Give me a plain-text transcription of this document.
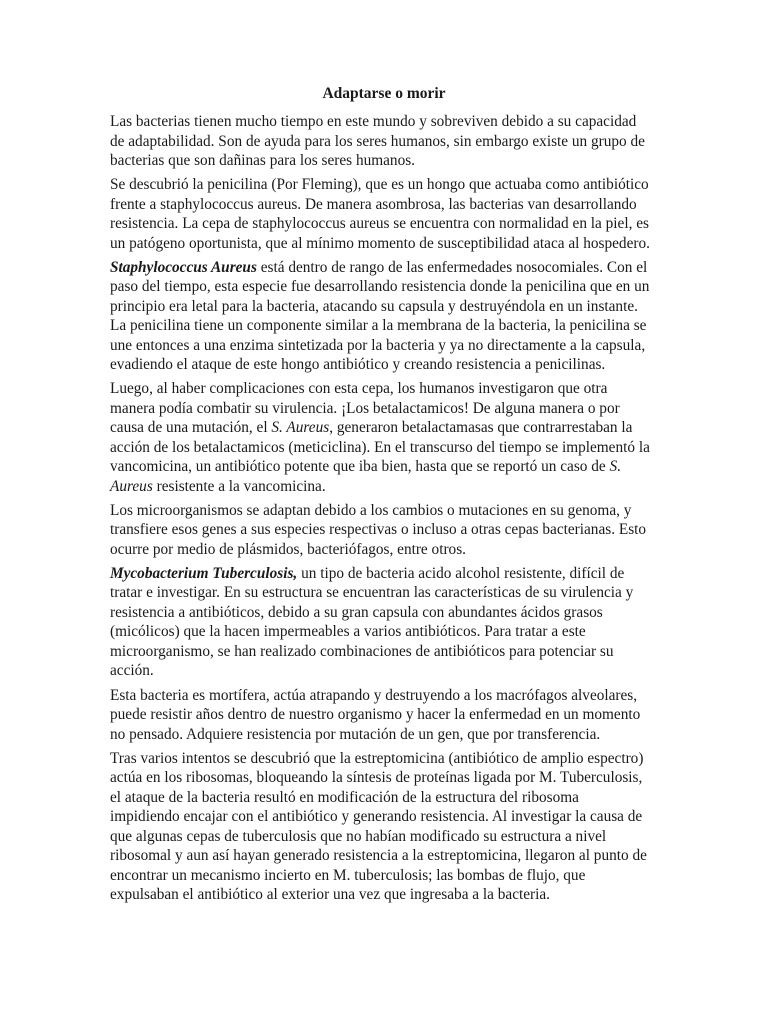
Adaptarse o morir
Las bacterias tienen mucho tiempo en este mundo y sobreviven debido a su capacidad
de adaptabilidad. Son de ayuda para los seres humanos, sin embargo existe un grupo de
bacterias que son dañinas para los seres humanos.
Se descubrió la penicilina (Por Fleming), que es un hongo que actuaba como antibiótico
frente a staphylococcus aureus. De manera asombrosa, las bacterias van desarrollando
resistencia. La cepa de staphylococcus aureus se encuentra con normalidad en la piel, es
un patógeno oportunista, que al mínimo momento de susceptibilidad ataca al hospedero.
Staphylococcus Aureus está dentro de rango de las enfermedades nosocomiales. Con el
paso del tiempo, esta especie fue desarrollando resistencia donde la penicilina que en un
principio era letal para la bacteria, atacando su capsula y destruyéndola en un instante.
La penicilina tiene un componente similar a la membrana de la bacteria, la penicilina se
une entonces a una enzima sintetizada por la bacteria y ya no directamente a la capsula,
evadiendo el ataque de este hongo antibiótico y creando resistencia a penicilinas.
Luego, al haber complicaciones con esta cepa, los humanos investigaron que otra
manera podía combatir su virulencia. ¡Los betalactamicos! De alguna manera o por
causa de una mutación, el S. Aureus, generaron betalactamasas que contrarrestaban la
acción de los betalactamicos (meticiclina). En el transcurso del tiempo se implementó la
vancomicina, un antibiótico potente que iba bien, hasta que se reportó un caso de S.
Aureus resistente a la vancomicina.
Los microorganismos se adaptan debido a los cambios o mutaciones en su genoma, y
transfiere esos genes a sus especies respectivas o incluso a otras cepas bacterianas. Esto
ocurre por medio de plásmidos, bacteriófagos, entre otros.
Mycobacterium Tuberculosis, un tipo de bacteria acido alcohol resistente, difícil de
tratar e investigar. En su estructura se encuentran las características de su virulencia y
resistencia a antibióticos, debido a su gran capsula con abundantes ácidos grasos
(micólicos) que la hacen impermeables a varios antibióticos. Para tratar a este
microorganismo, se han realizado combinaciones de antibióticos para potenciar su
acción.
Esta bacteria es mortífera, actúa atrapando y destruyendo a los macrófagos alveolares,
puede resistir años dentro de nuestro organismo y hacer la enfermedad en un momento
no pensado. Adquiere resistencia por mutación de un gen, que por transferencia.
Tras varios intentos se descubrió que la estreptomicina (antibiótico de amplio espectro)
actúa en los ribosomas, bloqueando la síntesis de proteínas ligada por M. Tuberculosis,
el ataque de la bacteria resultó en modificación de la estructura del ribosoma
impidiendo encajar con el antibiótico y generando resistencia. Al investigar la causa de
que algunas cepas de tuberculosis que no habían modificado su estructura a nivel
ribosomal y aun así hayan generado resistencia a la estreptomicina, llegaron al punto de
encontrar un mecanismo incierto en M. tuberculosis; las bombas de flujo, que
expulsaban el antibiótico al exterior una vez que ingresaba a la bacteria.
